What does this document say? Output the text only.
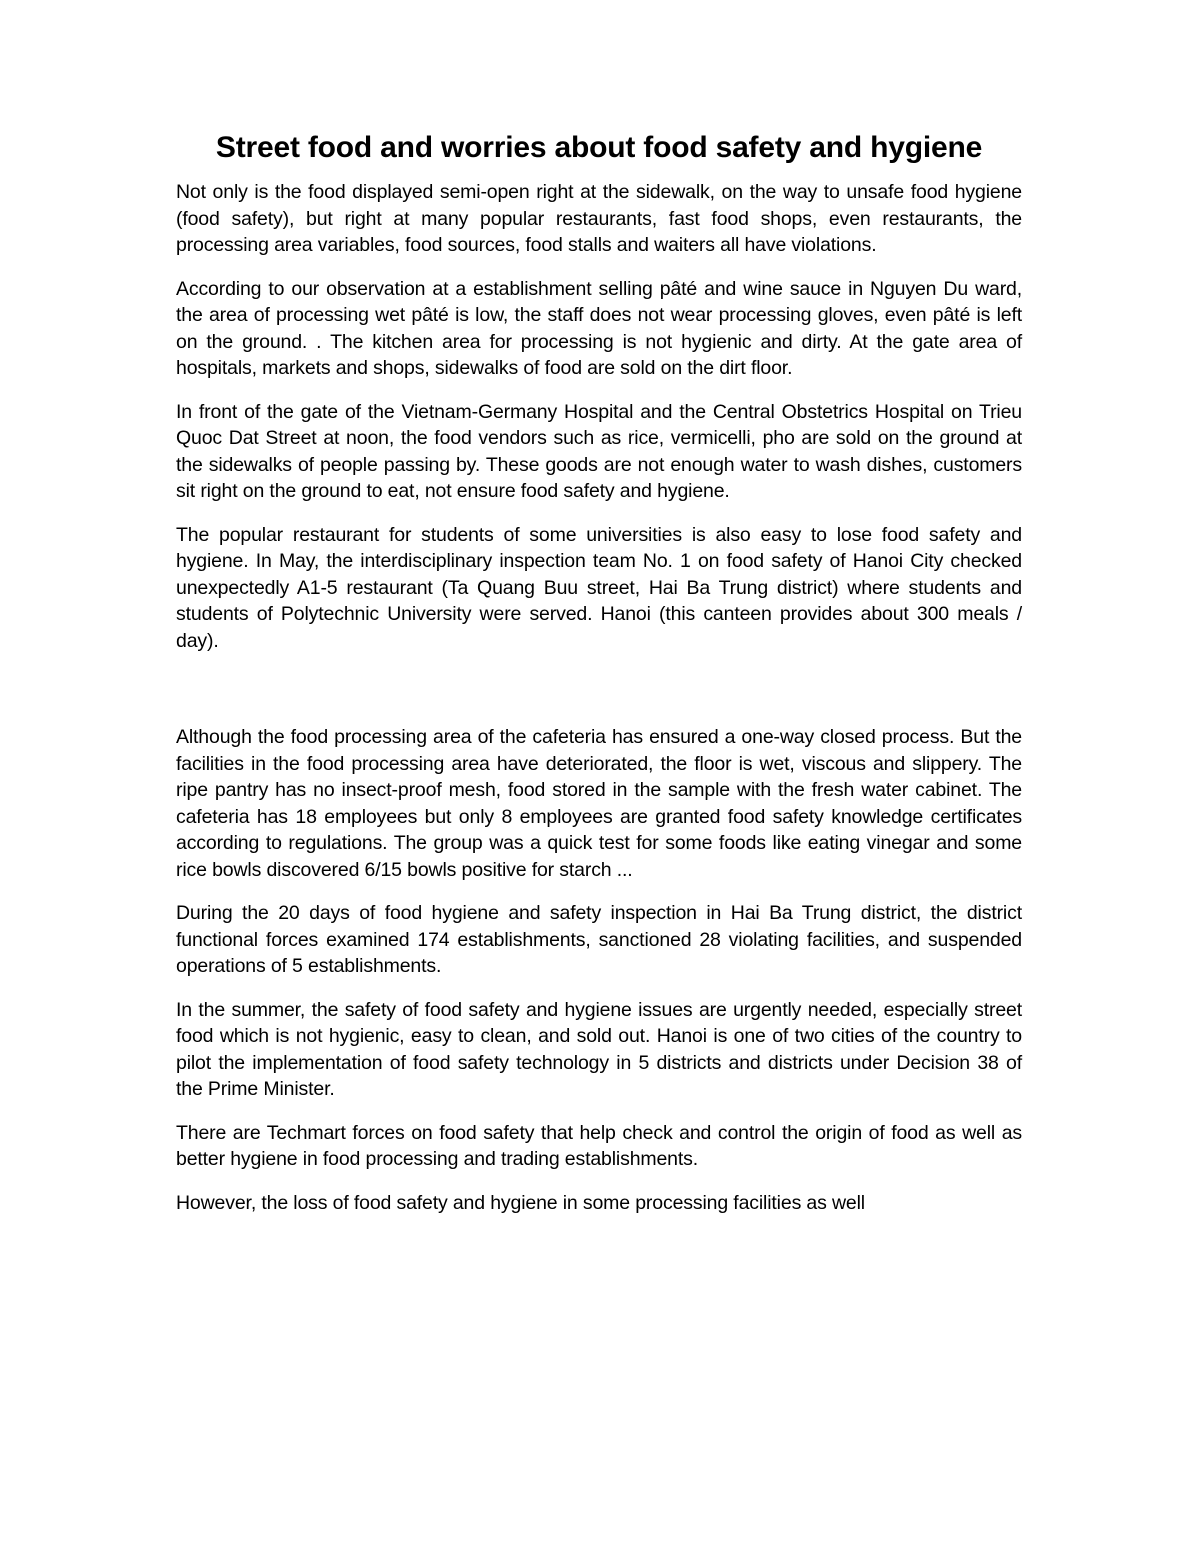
Street food and worries about food safety and hygiene

Not only is the food displayed semi-open right at the sidewalk, on the way to unsafe food hygiene (food safety), but right at many popular restaurants, fast food shops, even restaurants, the processing area variables, food sources, food stalls and waiters all have violations.

According to our observation at a establishment selling pâté and wine sauce in Nguyen Du ward, the area of processing wet pâté is low, the staff does not wear processing gloves, even pâté is left on the ground. . The kitchen area for processing is not hygienic and dirty. At the gate area of hospitals, markets and shops, sidewalks of food are sold on the dirt floor.

In front of the gate of the Vietnam-Germany Hospital and the Central Obstetrics Hospital on Trieu Quoc Dat Street at noon, the food vendors such as rice, vermicelli, pho are sold on the ground at the sidewalks of people passing by. These goods are not enough water to wash dishes, customers sit right on the ground to eat, not ensure food safety and hygiene.

The popular restaurant for students of some universities is also easy to lose food safety and hygiene. In May, the interdisciplinary inspection team No. 1 on food safety of Hanoi City checked unexpectedly A1-5 restaurant (Ta Quang Buu street, Hai Ba Trung district) where students and students of Polytechnic University were served. Hanoi (this canteen provides about 300 meals / day).

Although the food processing area of the cafeteria has ensured a one-way closed process. But the facilities in the food processing area have deteriorated, the floor is wet, viscous and slippery. The ripe pantry has no insect-proof mesh, food stored in the sample with the fresh water cabinet. The cafeteria has 18 employees but only 8 employees are granted food safety knowledge certificates according to regulations. The group was a quick test for some foods like eating vinegar and some rice bowls discovered 6/15 bowls positive for starch ...

During the 20 days of food hygiene and safety inspection in Hai Ba Trung district, the district functional forces examined 174 establishments, sanctioned 28 violating facilities, and suspended operations of 5 establishments.

In the summer, the safety of food safety and hygiene issues are urgently needed, especially street food which is not hygienic, easy to clean, and sold out. Hanoi is one of two cities of the country to pilot the implementation of food safety technology in 5 districts and districts under Decision 38 of the Prime Minister.

There are Techmart forces on food safety that help check and control the origin of food as well as better hygiene in food processing and trading establishments.

However, the loss of food safety and hygiene in some processing facilities as well
